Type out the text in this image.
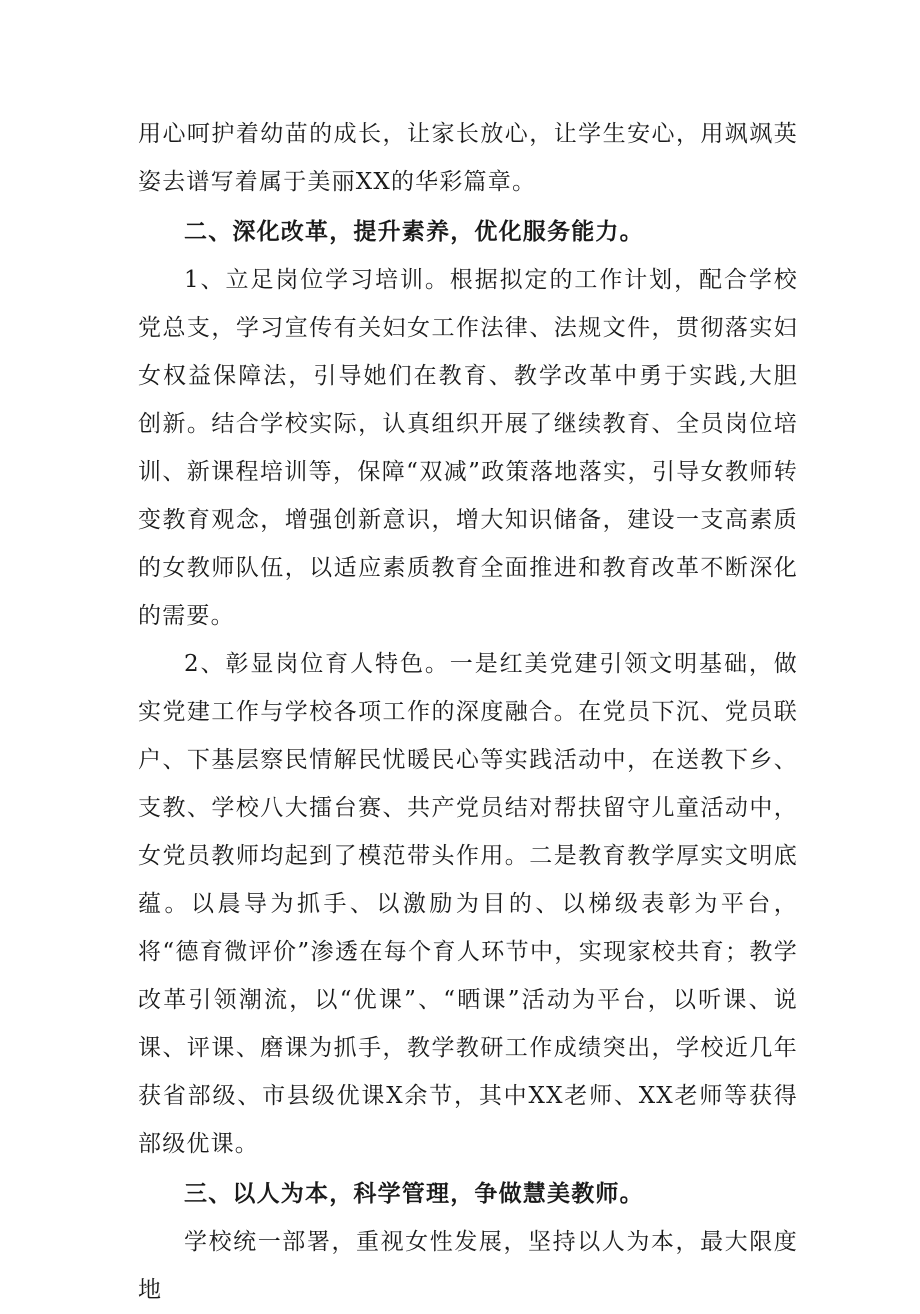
用心呵护着幼苗的成长，让家长放心，让学生安心，用飒飒英姿去谱写着属于美丽XX的华彩篇章。

二、深化改革，提升素养，优化服务能力。

1、立足岗位学习培训。根据拟定的工作计划，配合学校党总支，学习宣传有关妇女工作法律、法规文件，贯彻落实妇女权益保障法，引导她们在教育、教学改革中勇于实践,大胆创新。结合学校实际，认真组织开展了继续教育、全员岗位培训、新课程培训等，保障“双减”政策落地落实，引导女教师转变教育观念，增强创新意识，增大知识储备，建设一支高素质的女教师队伍，以适应素质教育全面推进和教育改革不断深化的需要。

2、彰显岗位育人特色。一是红美党建引领文明基础，做实党建工作与学校各项工作的深度融合。在党员下沉、党员联户、下基层察民情解民忧暖民心等实践活动中，在送教下乡、支教、学校八大擂台赛、共产党员结对帮扶留守儿童活动中，女党员教师均起到了模范带头作用。二是教育教学厚实文明底蕴。以晨导为抓手、以激励为目的、以梯级表彰为平台，将“德育微评价”渗透在每个育人环节中，实现家校共育；教学改革引领潮流，以“优课”、“晒课”活动为平台，以听课、说课、评课、磨课为抓手，教学教研工作成绩突出，学校近几年获省部级、市县级优课X余节，其中XX老师、XX老师等获得部级优课。

三、以人为本，科学管理，争做慧美教师。

学校统一部署，重视女性发展，坚持以人为本，最大限度地
